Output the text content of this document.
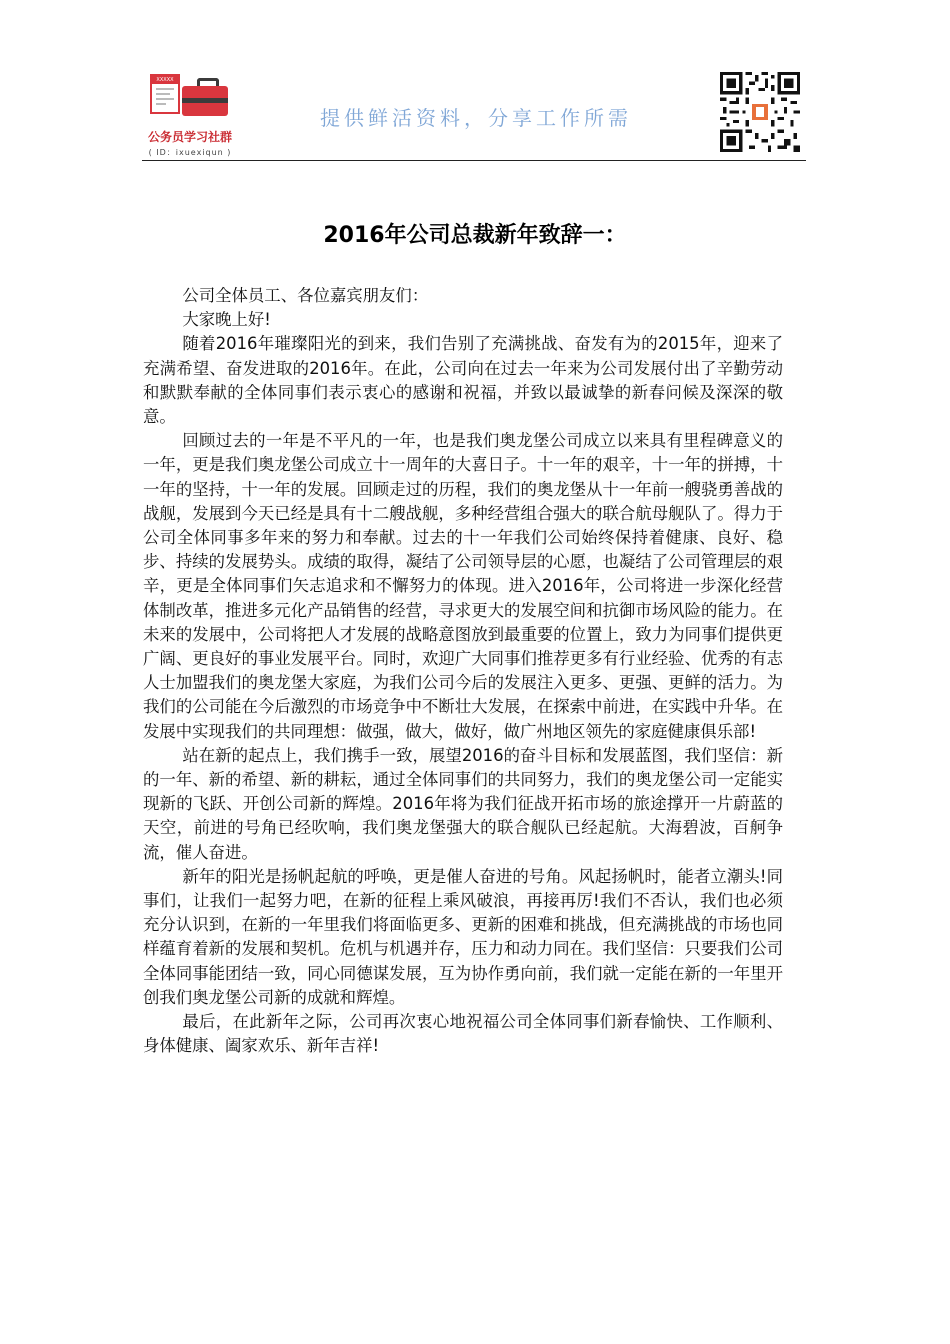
XXXXX
公务员学习社群
( ID：ixuexiqun )
提供鲜活资料，分享工作所需
2016年公司总裁新年致辞一：

公司全体员工、各位嘉宾朋友们：

大家晚上好!

随着2016年璀璨阳光的到来，我们告别了充满挑战、奋发有为的2015年，迎来了充满希望、奋发进取的2016年。在此，公司向在过去一年来为公司发展付出了辛勤劳动和默默奉献的全体同事们表示衷心的感谢和祝福，并致以最诚挚的新春问候及深深的敬意。

回顾过去的一年是不平凡的一年，也是我们奥龙堡公司成立以来具有里程碑意义的一年，更是我们奥龙堡公司成立十一周年的大喜日子。十一年的艰辛，十一年的拼搏，十一年的坚持，十一年的发展。回顾走过的历程，我们的奥龙堡从十一年前一艘骁勇善战的战舰，发展到今天已经是具有十二艘战舰，多种经营组合强大的联合航母舰队了。得力于公司全体同事多年来的努力和奉献。过去的十一年我们公司始终保持着健康、良好、稳步、持续的发展势头。成绩的取得，凝结了公司领导层的心愿，也凝结了公司管理层的艰辛，更是全体同事们矢志追求和不懈努力的体现。进入2016年，公司将进一步深化经营体制改革，推进多元化产品销售的经营，寻求更大的发展空间和抗御市场风险的能力。在未来的发展中，公司将把人才发展的战略意图放到最重要的位置上，致力为同事们提供更广阔、更良好的事业发展平台。同时，欢迎广大同事们推荐更多有行业经验、优秀的有志人士加盟我们的奥龙堡大家庭，为我们公司今后的发展注入更多、更强、更鲜的活力。为我们的公司能在今后激烈的市场竞争中不断壮大发展，在探索中前进，在实践中升华。在发展中实现我们的共同理想：做强，做大，做好，做广州地区领先的家庭健康俱乐部!

站在新的起点上，我们携手一致，展望2016的奋斗目标和发展蓝图，我们坚信：新的一年、新的希望、新的耕耘，通过全体同事们的共同努力，我们的奥龙堡公司一定能实现新的飞跃、开创公司新的辉煌。2016年将为我们征战开拓市场的旅途撑开一片蔚蓝的天空，前进的号角已经吹响，我们奥龙堡强大的联合舰队已经起航。大海碧波，百舸争流，催人奋进。

新年的阳光是扬帆起航的呼唤，更是催人奋进的号角。风起扬帆时，能者立潮头!同事们，让我们一起努力吧，在新的征程上乘风破浪，再接再厉!我们不否认，我们也必须充分认识到，在新的一年里我们将面临更多、更新的困难和挑战，但充满挑战的市场也同样蕴育着新的发展和契机。危机与机遇并存，压力和动力同在。我们坚信：只要我们公司全体同事能团结一致，同心同德谋发展，互为协作勇向前，我们就一定能在新的一年里开创我们奥龙堡公司新的成就和辉煌。

最后，在此新年之际，公司再次衷心地祝福公司全体同事们新春愉快、工作顺利、身体健康、阖家欢乐、新年吉祥!
